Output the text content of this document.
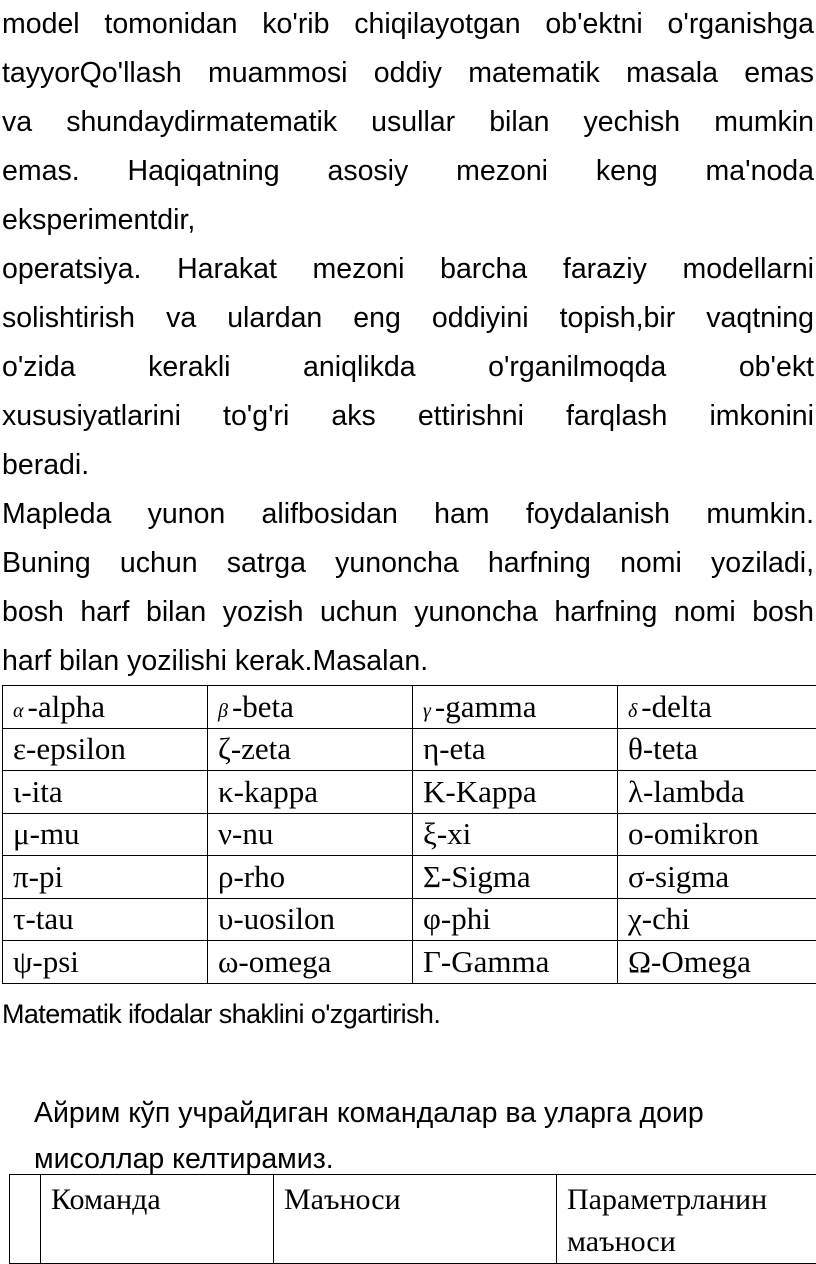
model tomonidan ko'rib chiqilayotgan ob'ektni o'rganishga
tayyorQo'llash muammosi oddiy matematik masala emas
va shundaydirmatematik usullar bilan yechish mumkin
emas. Haqiqatning asosiy mezoni keng ma'noda
eksperimentdir,
operatsiya. Harakat mezoni barcha faraziy modellarni
solishtirish va ulardan eng oddiyini topish,bir vaqtning
o'zida kerakli aniqlikda o'rganilmoqda ob'ekt
xususiyatlarini to'g'ri aks ettirishni farqlash imkonini
beradi.
Mapleda yunon alifbosidan ham foydalanish mumkin.
Buning uchun satrga yunoncha harfning nomi yoziladi,
bosh harf bilan yozish uchun yunoncha harfning nomi bosh
harf bilan yozilishi kerak.Masalan.
α -alpha	β -beta	γ -gamma	δ -delta
ε-epsilon	ζ-zeta	η-eta	θ-teta
ι-ita	κ-kappa	Κ-Kappa	λ-lambda
μ-mu	ν-nu	ξ-xi	ο-omikron
π-pi	ρ-rho	Σ-Sigma	σ-sigma
τ-tau	υ-uosilon	φ-phi	χ-chi
ψ-psi	ω-omega	Γ-Gamma	Ω-Omega
Matematik ifodalar shaklini o'zgartirish.

Айрим кўп учрайдиган командалар ва уларга доир мисоллар келтирамиз.

	Команда	Маъноси	Параметрланин маъноси
